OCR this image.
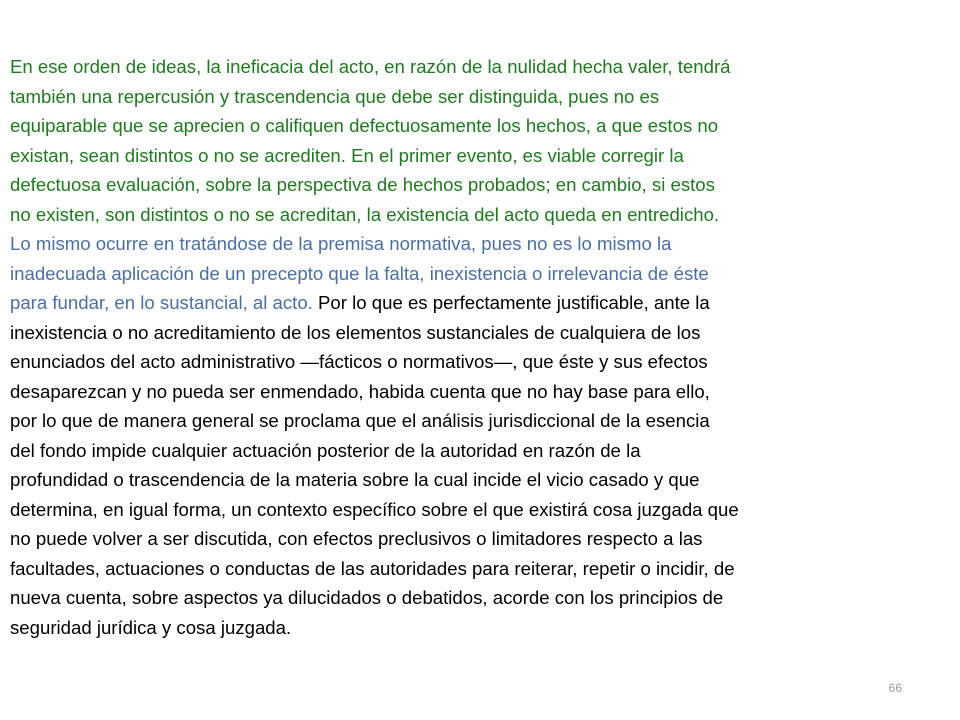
En ese orden de ideas, la ineficacia del acto, en razón de la nulidad hecha valer, tendrá
también una repercusión y trascendencia que debe ser distinguida, pues no es
equiparable que se aprecien o califiquen defectuosamente los hechos, a que estos no
existan, sean distintos o no se acrediten. En el primer evento, es viable corregir la
defectuosa evaluación, sobre la perspectiva de hechos probados; en cambio, si estos
no existen, son distintos o no se acreditan, la existencia del acto queda en entredicho.
Lo mismo ocurre en tratándose de la premisa normativa, pues no es lo mismo la
inadecuada aplicación de un precepto que la falta, inexistencia o irrelevancia de éste
para fundar, en lo sustancial, al acto. Por lo que es perfectamente justificable, ante la
inexistencia o no acreditamiento de los elementos sustanciales de cualquiera de los
enunciados del acto administrativo —fácticos o normativos—, que éste y sus efectos
desaparezcan y no pueda ser enmendado, habida cuenta que no hay base para ello,
por lo que de manera general se proclama que el análisis jurisdiccional de la esencia
del fondo impide cualquier actuación posterior de la autoridad en razón de la
profundidad o trascendencia de la materia sobre la cual incide el vicio casado y que
determina, en igual forma, un contexto específico sobre el que existirá cosa juzgada que
no puede volver a ser discutida, con efectos preclusivos o limitadores respecto a las
facultades, actuaciones o conductas de las autoridades para reiterar, repetir o incidir, de
nueva cuenta, sobre aspectos ya dilucidados o debatidos, acorde con los principios de
seguridad jurídica y cosa juzgada.
66
